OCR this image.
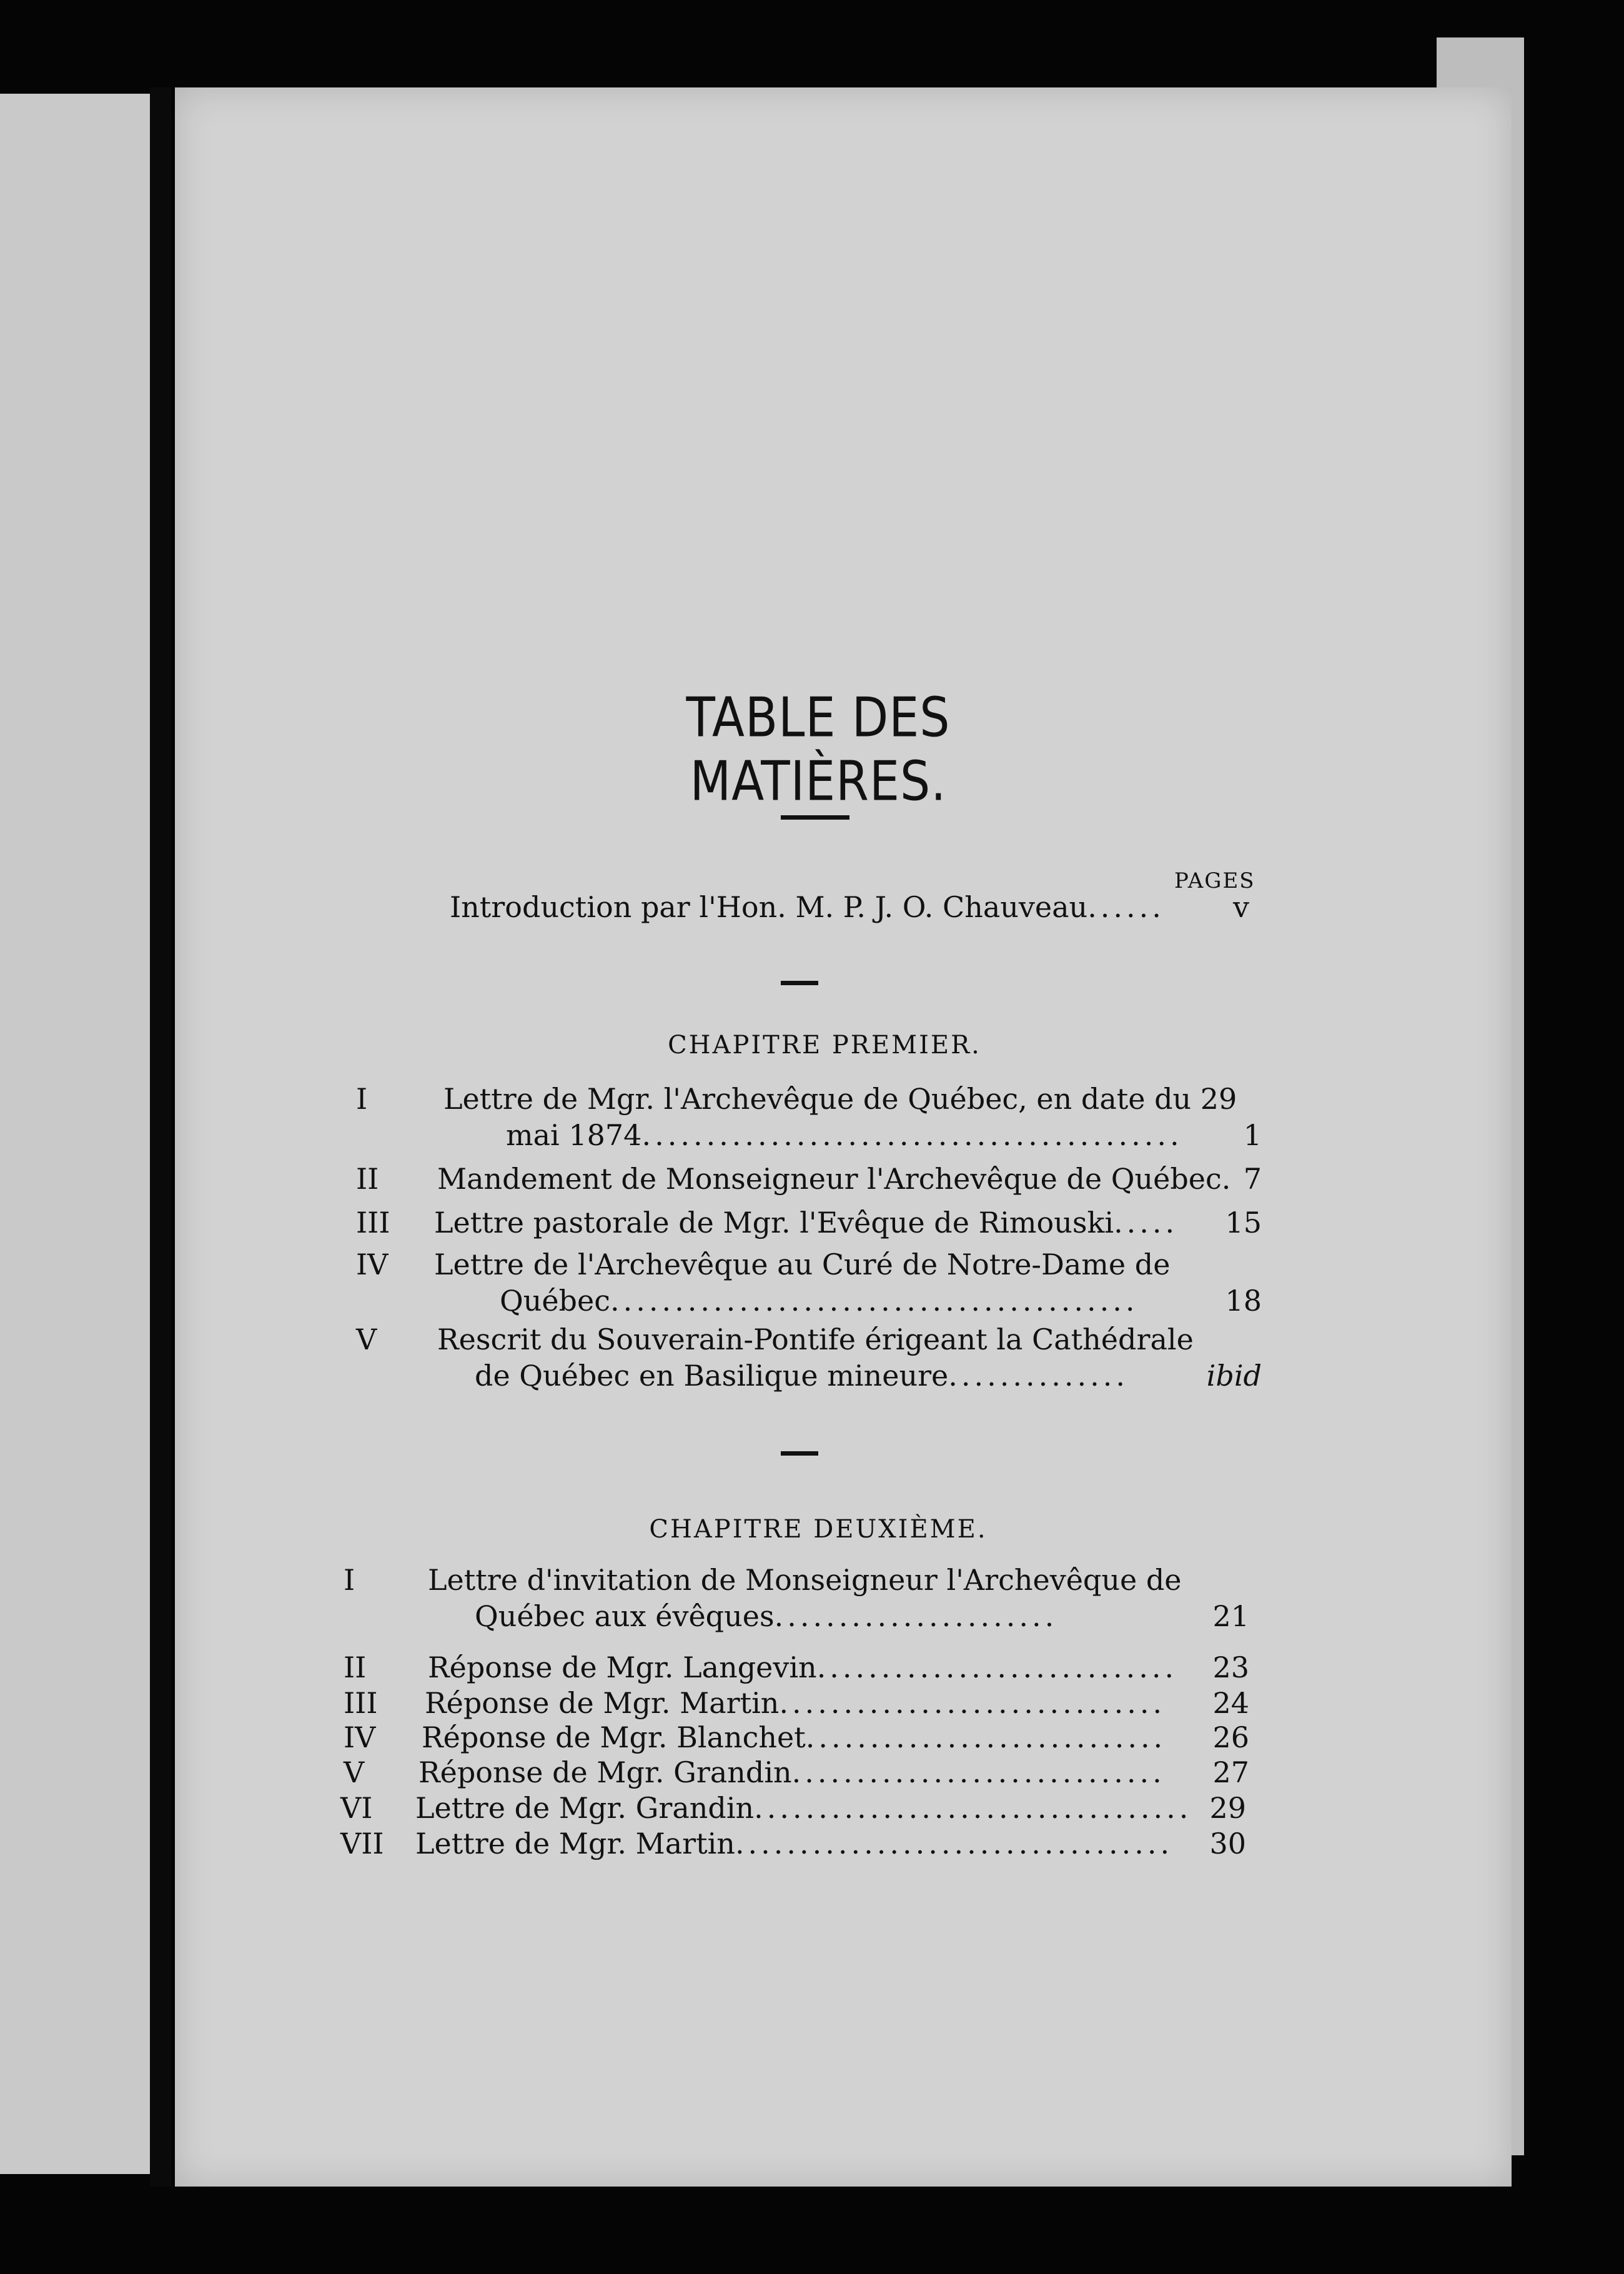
TABLE DES MATIÈRES.
PAGES
Introduction par l'Hon. M. P. J. O. Chauveau...... v
CHAPITRE PREMIER.
I	Lettre de Mgr. l'Archevêque de Québec, en date du 29
mai 1874..........................................	1
II Mandement de Monseigneur l'Archevêque de Québec. 7
III Lettre pastorale de Mgr. l'Evêque de Rimouski.....	15
IV Lettre de l'Archevêque au Curé de Notre-Dame de
Québec.........................................	18
V Rescrit du Souverain-Pontife érigeant la Cathédrale
de Québec en Basilique mineure..............	ibid
CHAPITRE DEUXIÈME.
I	Lettre d'invitation de Monseigneur l'Archevêque de
Québec aux évêques......................	21
II Réponse de Mgr. Langevin............................	23
III Réponse de Mgr. Martin..............................	24
IV Réponse de Mgr. Blanchet............................	26
V Réponse de Mgr. Grandin.............................	27
VI Lettre de Mgr. Grandin.................................. 29
VII Lettre de Mgr. Martin..................................	30
